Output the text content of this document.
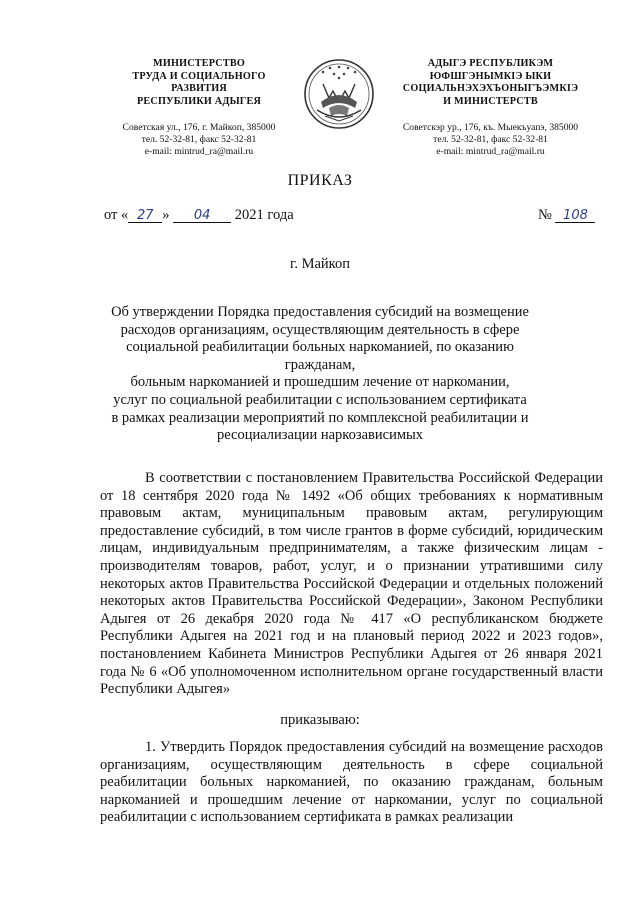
МИНИСТЕРСТВО
ТРУДА И СОЦИАЛЬНОГО
РАЗВИТИЯ
РЕСПУБЛИКИ АДЫГЕЯ
Советская ул., 176, г. Майкоп, 385000
тел. 52-32-81, факс 52-32-81
e-mail: mintrud_ra@mail.ru
АДЫГЭ РЕСПУБЛИКЭМ
ЮФШГЭНЫМКIЭ ЫКИ
СОЦИАЛЬНЭХЭХЪОНЫГЪЭМКIЭ
И МИНИСТЕРСТВ
Советскэр ур., 176, къ. Мыекъуапэ, 385000
тел. 52-32-81, факс 52-32-81
e-mail: mintrud_ra@mail.ru
ПРИКАЗ
от « 27 » 04 2021 года	№ 108
г. Майкоп
Об утверждении Порядка предоставления субсидий на возмещение
расходов организациям, осуществляющим деятельность в сфере
социальной реабилитации больных наркоманией, по оказанию гражданам,
больным наркоманией и прошедшим лечение от наркомании,
услуг по социальной реабилитации с использованием сертификата
в рамках реализации мероприятий по комплексной реабилитации и
ресоциализации наркозависимых
В соответствии с постановлением Правительства Российской Федерации от 18 сентября 2020 года № 1492 «Об общих требованиях к нормативным правовым актам, муниципальным правовым актам, регулирующим предоставление субсидий, в том числе грантов в форме субсидий, юридическим лицам, индивидуальным предпринимателям, а также физическим лицам - производителям товаров, работ, услуг, и о признании утратившими силу некоторых актов Правительства Российской Федерации и отдельных положений некоторых актов Правительства Российской Федерации», Законом Республики Адыгея от 26 декабря 2020 года № 417 «О республиканском бюджете Республики Адыгея на 2021 год и на плановый период 2022 и 2023 годов», постановлением Кабинета Министров Республики Адыгея от 26 января 2021 года № 6 «Об уполномоченном исполнительном органе государственный власти Республики Адыгея»
приказываю:
1. Утвердить Порядок предоставления субсидий на возмещение расходов организациям, осуществляющим деятельность в сфере социальной реабилитации больных наркоманией, по оказанию гражданам, больным наркоманией и прошедшим лечение от наркомании, услуг по социальной реабилитации с использованием сертификата в рамках реализации
